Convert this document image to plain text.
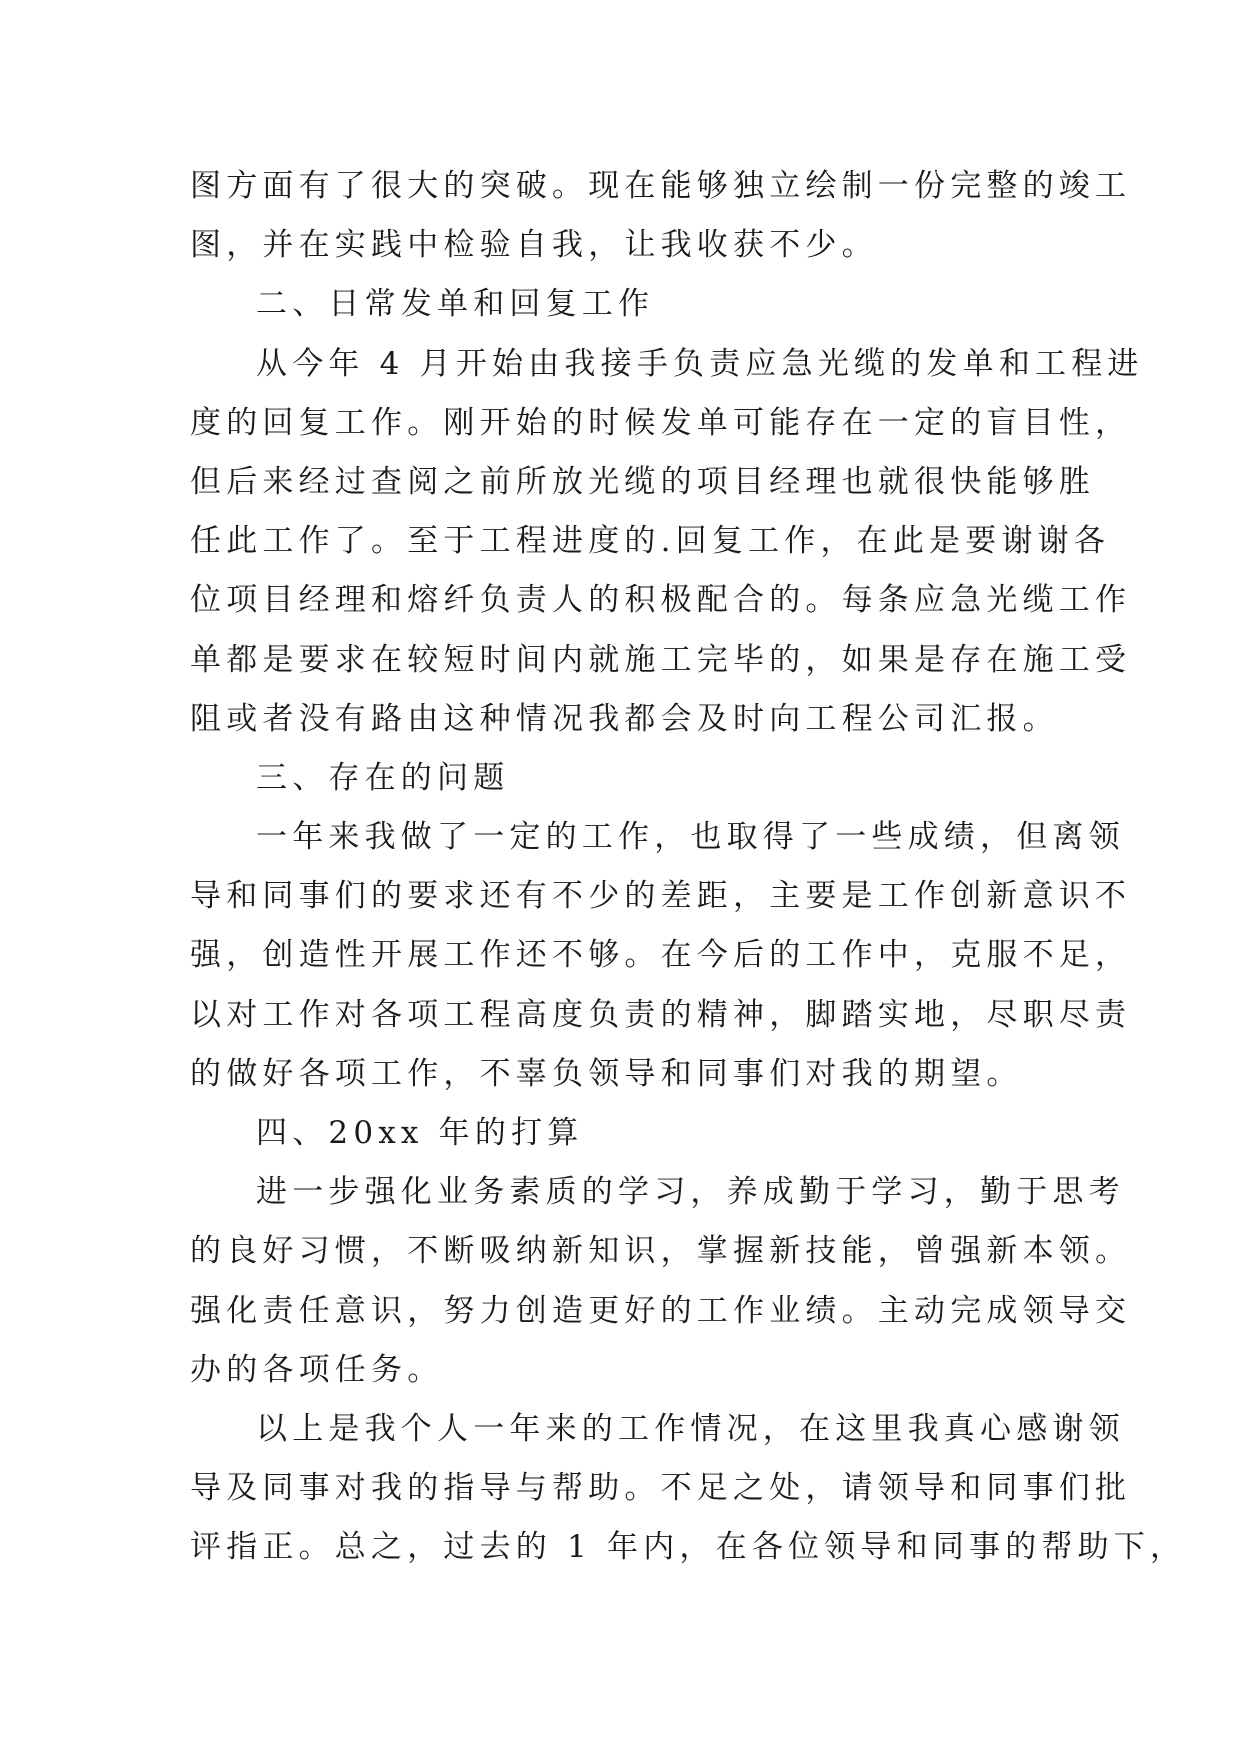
图方面有了很大的突破。现在能够独立绘制一份完整的竣工
图，并在实践中检验自我，让我收获不少。
二、日常发单和回复工作
从今年 4 月开始由我接手负责应急光缆的发单和工程进
度的回复工作。刚开始的时候发单可能存在一定的盲目性，
但后来经过查阅之前所放光缆的项目经理也就很快能够胜
任此工作了。至于工程进度的.回复工作，在此是要谢谢各
位项目经理和熔纤负责人的积极配合的。每条应急光缆工作
单都是要求在较短时间内就施工完毕的，如果是存在施工受
阻或者没有路由这种情况我都会及时向工程公司汇报。
三、存在的问题
一年来我做了一定的工作，也取得了一些成绩，但离领
导和同事们的要求还有不少的差距，主要是工作创新意识不
强，创造性开展工作还不够。在今后的工作中，克服不足，
以对工作对各项工程高度负责的精神，脚踏实地，尽职尽责
的做好各项工作，不辜负领导和同事们对我的期望。
四、20xx 年的打算
进一步强化业务素质的学习，养成勤于学习，勤于思考
的良好习惯，不断吸纳新知识，掌握新技能，曾强新本领。
强化责任意识，努力创造更好的工作业绩。主动完成领导交
办的各项任务。
以上是我个人一年来的工作情况，在这里我真心感谢领
导及同事对我的指导与帮助。不足之处，请领导和同事们批
评指正。总之，过去的 1 年内，在各位领导和同事的帮助下，
